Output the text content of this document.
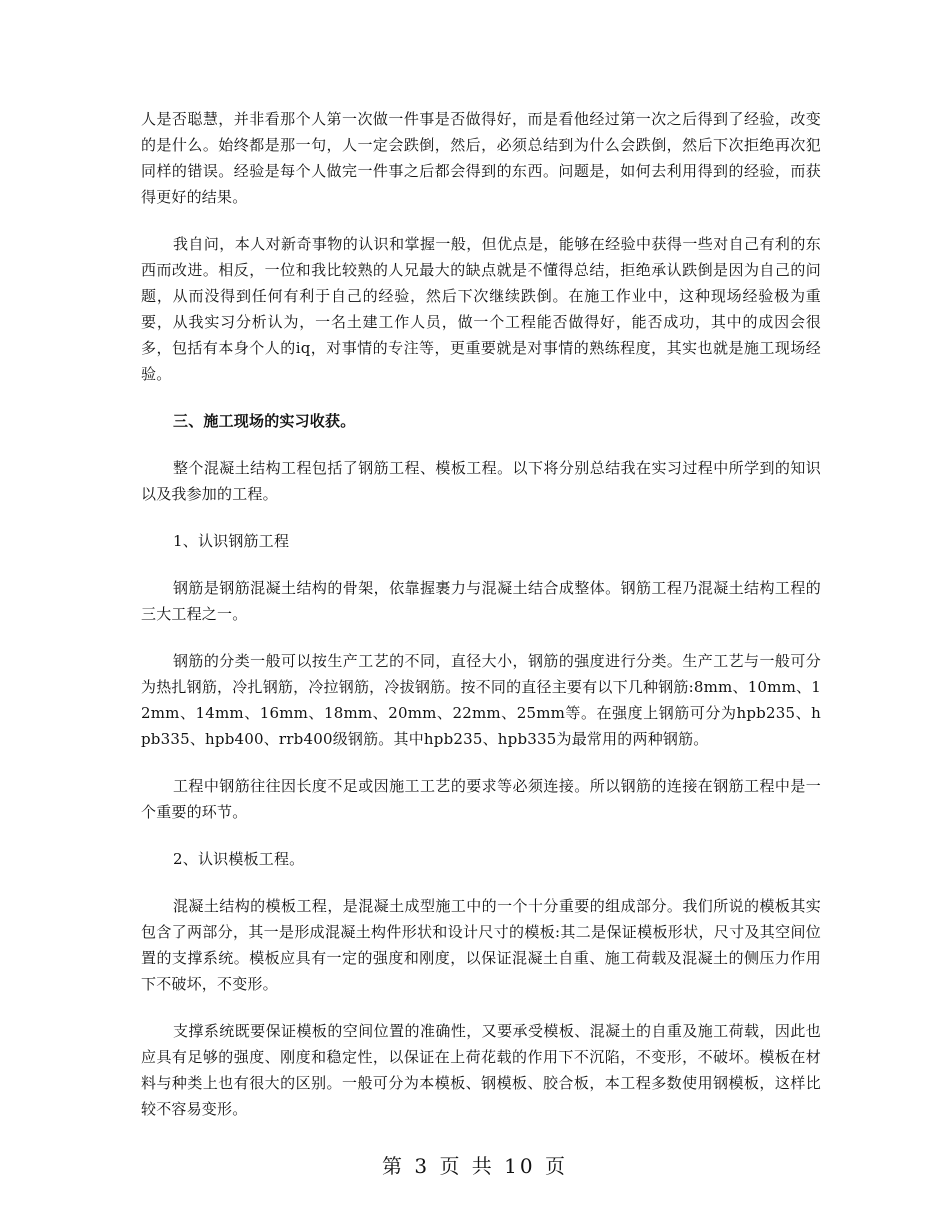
人是否聪慧，并非看那个人第一次做一件事是否做得好，而是看他经过第一次之后得到了经验，改变的是什么。始终都是那一句，人一定会跌倒，然后，必须总结到为什么会跌倒，然后下次拒绝再次犯同样的错误。经验是每个人做完一件事之后都会得到的东西。问题是，如何去利用得到的经验，而获得更好的结果。

我自问，本人对新奇事物的认识和掌握一般，但优点是，能够在经验中获得一些对自己有利的东西而改进。相反，一位和我比较熟的人兄最大的缺点就是不懂得总结，拒绝承认跌倒是因为自己的问题，从而没得到任何有利于自己的经验，然后下次继续跌倒。在施工作业中，这种现场经验极为重要，从我实习分析认为，一名土建工作人员，做一个工程能否做得好，能否成功，其中的成因会很多，包括有本身个人的iq，对事情的专注等，更重要就是对事情的熟练程度，其实也就是施工现场经验。

三、施工现场的实习收获。

整个混凝土结构工程包括了钢筋工程、模板工程。以下将分别总结我在实习过程中所学到的知识以及我参加的工程。

1、认识钢筋工程

钢筋是钢筋混凝土结构的骨架，依靠握裹力与混凝土结合成整体。钢筋工程乃混凝土结构工程的三大工程之一。

钢筋的分类一般可以按生产工艺的不同，直径大小，钢筋的强度进行分类。生产工艺与一般可分为热扎钢筋，冷扎钢筋，冷拉钢筋，冷拔钢筋。按不同的直径主要有以下几种钢筋:8mm、10mm、12mm、14mm、16mm、18mm、20mm、22mm、25mm等。在强度上钢筋可分为hpb235、hpb335、hpb400、rrb400级钢筋。其中hpb235、hpb335为最常用的两种钢筋。

工程中钢筋往往因长度不足或因施工工艺的要求等必须连接。所以钢筋的连接在钢筋工程中是一个重要的环节。

2、认识模板工程。

混凝土结构的模板工程，是混凝土成型施工中的一个十分重要的组成部分。我们所说的模板其实包含了两部分，其一是形成混凝土构件形状和设计尺寸的模板:其二是保证模板形状，尺寸及其空间位置的支撑系统。模板应具有一定的强度和刚度，以保证混凝土自重、施工荷载及混凝土的侧压力作用下不破坏，不变形。

支撑系统既要保证模板的空间位置的准确性，又要承受模板、混凝土的自重及施工荷载，因此也应具有足够的强度、刚度和稳定性，以保证在上荷花载的作用下不沉陷，不变形，不破坏。模板在材料与种类上也有很大的区别。一般可分为本模板、钢模板、胶合板，本工程多数使用钢模板，这样比较不容易变形。

第 3 页 共 10 页
